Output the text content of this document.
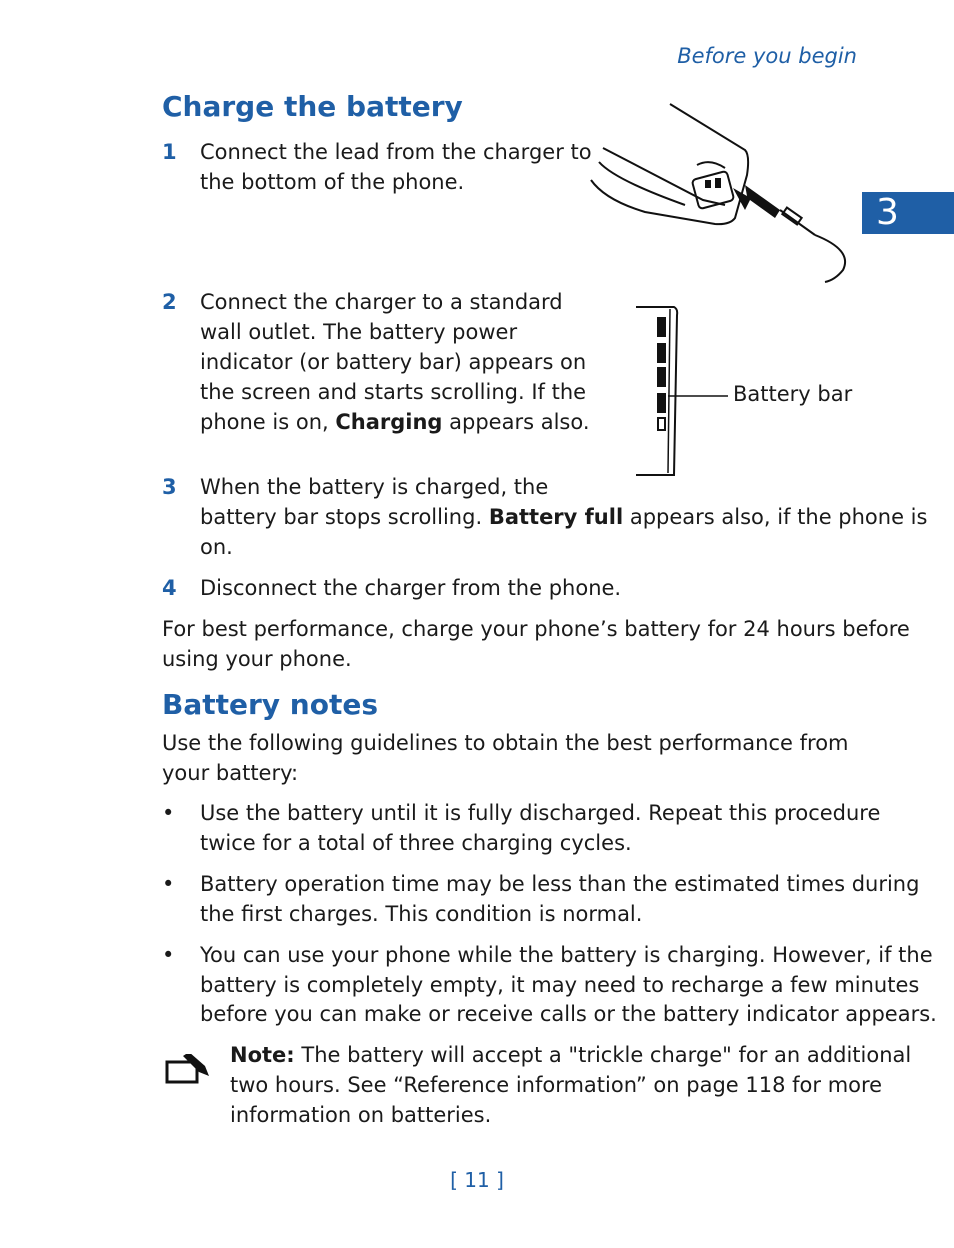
Before you begin
3
Charge the battery
1 Connect the lead from the charger to
the bottom of the phone.
2 Connect the charger to a standard
wall outlet. The battery power
indicator (or battery bar) appears on
the screen and starts scrolling. If the
phone is on, Charging appears also.
Battery bar
3 When the battery is charged, the
battery bar stops scrolling. Battery full appears also, if the phone is
on.
4 Disconnect the charger from the phone.
For best performance, charge your phone’s battery for 24 hours before
using your phone.
Battery notes
Use the following guidelines to obtain the best performance from
your battery:
• Use the battery until it is fully discharged. Repeat this procedure
twice for a total of three charging cycles.
• Battery operation time may be less than the estimated times during
the first charges. This condition is normal.
• You can use your phone while the battery is charging. However, if the
battery is completely empty, it may need to recharge a few minutes
before you can make or receive calls or the battery indicator appears.
Note: The battery will accept a "trickle charge" for an additional
two hours. See “Reference information” on page 118 for more
information on batteries.
[ 11 ]
